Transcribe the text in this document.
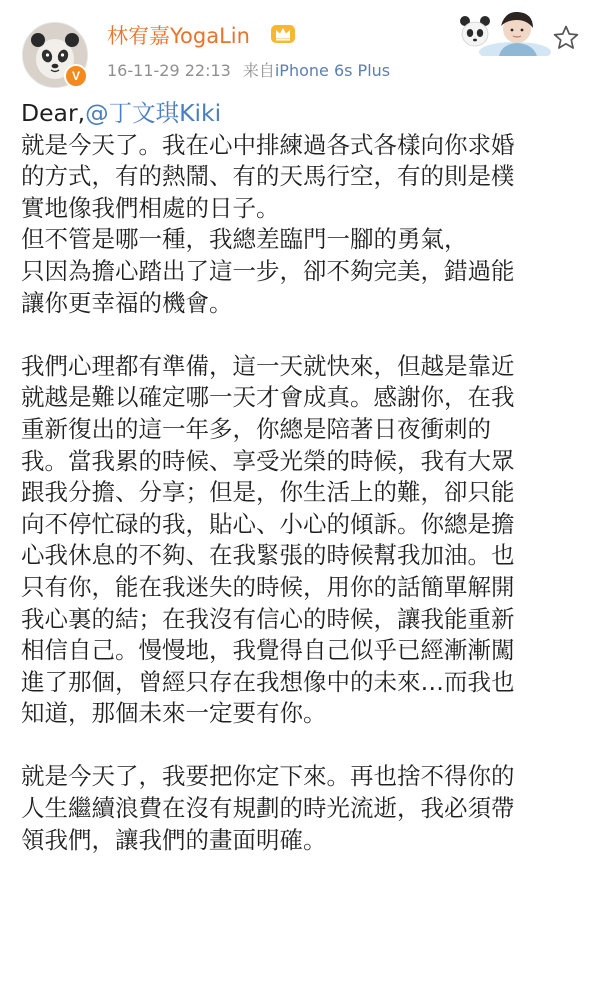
V
林宥嘉YogaLin
16-11-29 22:13 来自iPhone 6s Plus
Dear,@丁文琪Kiki
就是今天了。我在心中排練過各式各樣向你求婚
的方式，有的熱鬧、有的天馬行空，有的則是樸
實地像我們相處的日子。
但不管是哪一種，我總差臨門一腳的勇氣，
只因為擔心踏出了這一步，卻不夠完美，錯過能
讓你更幸福的機會。
我們心理都有準備，這一天就快來，但越是靠近
就越是難以確定哪一天才會成真。感謝你，在我
重新復出的這一年多，你總是陪著日夜衝刺的
我。當我累的時候、享受光榮的時候，我有大眾
跟我分擔、分享；但是，你生活上的難，卻只能
向不停忙碌的我，貼心、小心的傾訴。你總是擔
心我休息的不夠、在我緊張的時候幫我加油。也
只有你，能在我迷失的時候，用你的話簡單解開
我心裏的結；在我沒有信心的時候，讓我能重新
相信自己。慢慢地，我覺得自己似乎已經漸漸闖
進了那個，曾經只存在我想像中的未來…而我也
知道，那個未來一定要有你。
就是今天了，我要把你定下來。再也捨不得你的
人生繼續浪費在沒有規劃的時光流逝，我必須帶
領我們，讓我們的畫面明確。
